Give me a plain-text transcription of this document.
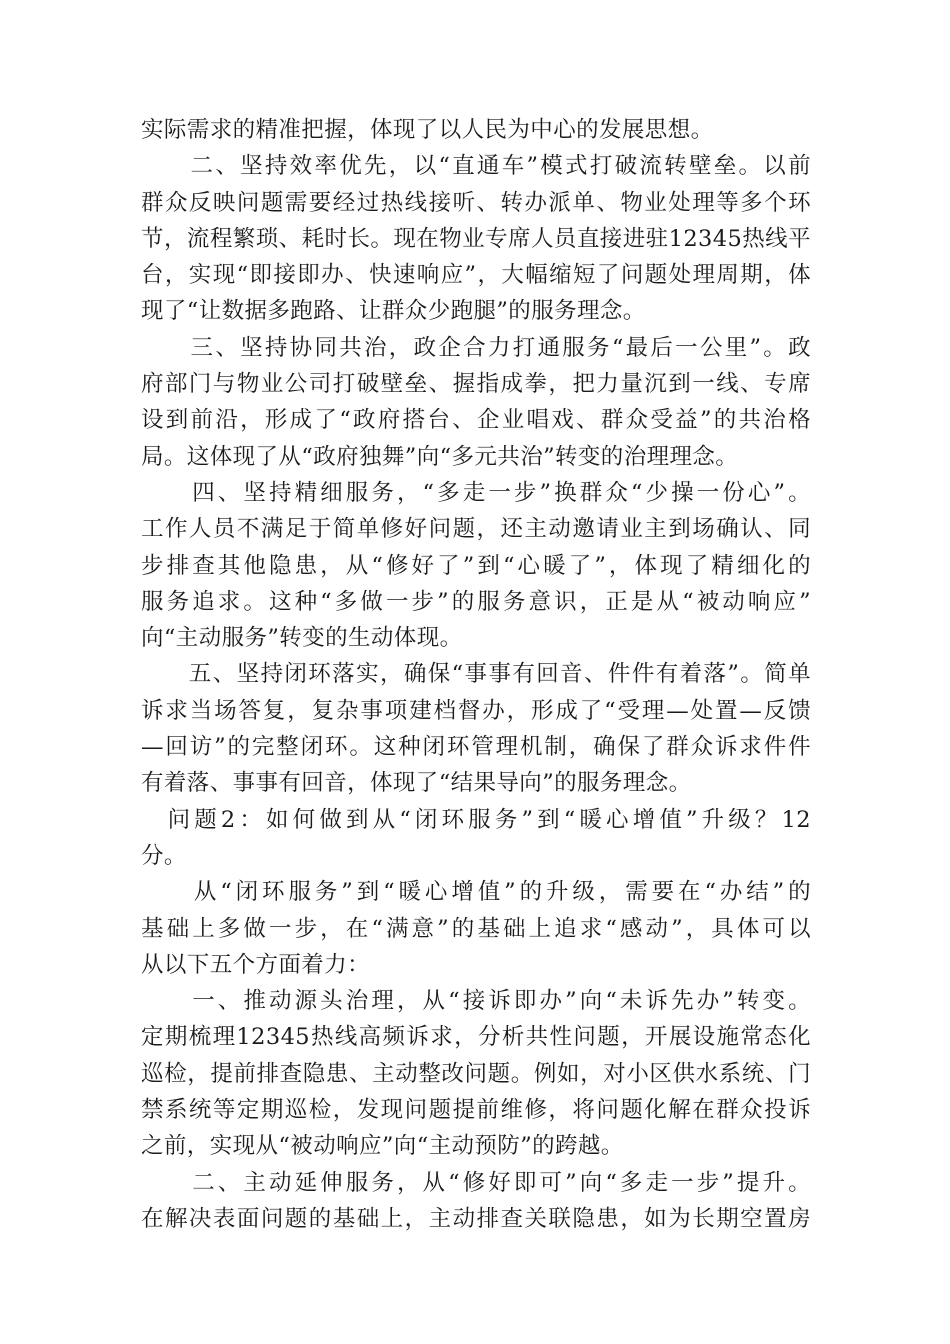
实际需求的精准把握，体现了以人民为中心的发展思想。
　　二、坚持效率优先，以“直通车”模式打破流转壁垒。以前
群众反映问题需要经过热线接听、转办派单、物业处理等多个环
节，流程繁琐、耗时长。现在物业专席人员直接进驻12345热线平
台，实现“即接即办、快速响应”，大幅缩短了问题处理周期，体
现了“让数据多跑路、让群众少跑腿”的服务理念。
　　三、坚持协同共治，政企合力打通服务“最后一公里”。政
府部门与物业公司打破壁垒、握指成拳，把力量沉到一线、专席
设到前沿，形成了“政府搭台、企业唱戏、群众受益”的共治格
局。这体现了从“政府独舞”向“多元共治”转变的治理理念。
　　四、坚持精细服务，“多走一步”换群众“少操一份心”。
工作人员不满足于简单修好问题，还主动邀请业主到场确认、同
步排查其他隐患，从“修好了”到“心暖了”，体现了精细化的
服务追求。这种“多做一步”的服务意识，正是从“被动响应”
向“主动服务”转变的生动体现。
　　五、坚持闭环落实，确保“事事有回音、件件有着落”。简单
诉求当场答复，复杂事项建档督办，形成了“受理—处置—反馈
—回访”的完整闭环。这种闭环管理机制，确保了群众诉求件件
有着落、事事有回音，体现了“结果导向”的服务理念。
　问题2：如何做到从“闭环服务”到“暖心增值”升级？12
分。
　　从“闭环服务”到“暖心增值”的升级，需要在“办结”的
基础上多做一步，在“满意”的基础上追求“感动”，具体可以
从以下五个方面着力：
　　一、推动源头治理，从“接诉即办”向“未诉先办”转变。
定期梳理12345热线高频诉求，分析共性问题，开展设施常态化
巡检，提前排查隐患、主动整改问题。例如，对小区供水系统、门
禁系统等定期巡检，发现问题提前维修，将问题化解在群众投诉
之前，实现从“被动响应”向“主动预防”的跨越。
　　二、主动延伸服务，从“修好即可”向“多走一步”提升。
在解决表面问题的基础上，主动排查关联隐患，如为长期空置房
